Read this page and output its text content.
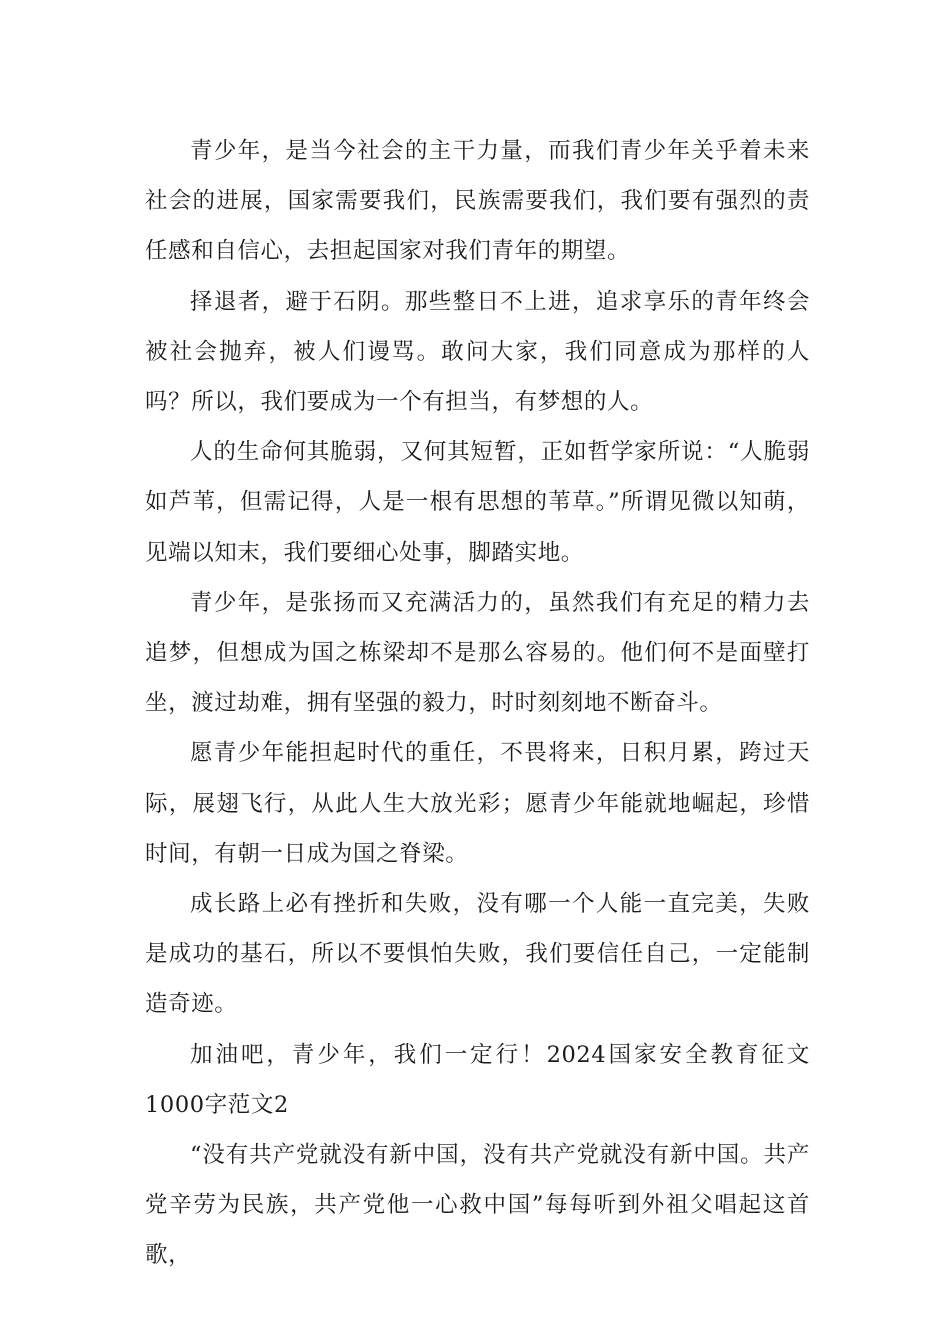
青少年，是当今社会的主干力量，而我们青少年关乎着未来社会的进展，国家需要我们，民族需要我们，我们要有强烈的责任感和自信心，去担起国家对我们青年的期望。

择退者，避于石阴。那些整日不上进，追求享乐的青年终会被社会抛弃，被人们谩骂。敢问大家，我们同意成为那样的人吗？所以，我们要成为一个有担当，有梦想的人。

人的生命何其脆弱，又何其短暂，正如哲学家所说：“人脆弱如芦苇，但需记得，人是一根有思想的苇草。”所谓见微以知萌，见端以知末，我们要细心处事，脚踏实地。

青少年，是张扬而又充满活力的，虽然我们有充足的精力去追梦，但想成为国之栋梁却不是那么容易的。他们何不是面壁打坐，渡过劫难，拥有坚强的毅力，时时刻刻地不断奋斗。

愿青少年能担起时代的重任，不畏将来，日积月累，跨过天际，展翅飞行，从此人生大放光彩；愿青少年能就地崛起，珍惜时间，有朝一日成为国之脊梁。

成长路上必有挫折和失败，没有哪一个人能一直完美，失败是成功的基石，所以不要惧怕失败，我们要信任自己，一定能制造奇迹。

加油吧，青少年，我们一定行！2024国家安全教育征文1000字范文2

“没有共产党就没有新中国，没有共产党就没有新中国。共产党辛劳为民族，共产党他一心救中国”每每听到外祖父唱起这首歌，
